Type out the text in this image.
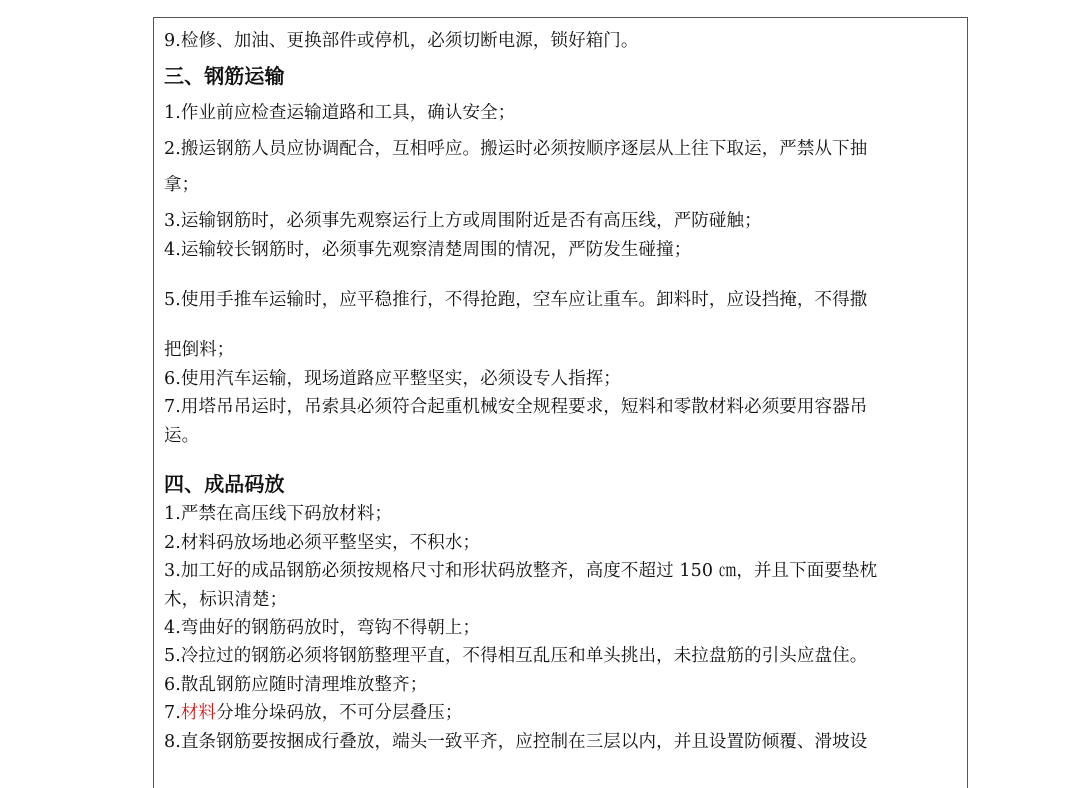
9.检修、加油、更换部件或停机，必须切断电源，锁好箱门。
三、钢筋运输
1.作业前应检查运输道路和工具，确认安全；
2.搬运钢筋人员应协调配合，互相呼应。搬运时必须按顺序逐层从上往下取运，严禁从下抽
拿；
3.运输钢筋时，必须事先观察运行上方或周围附近是否有高压线，严防碰触；
4.运输较长钢筋时，必须事先观察清楚周围的情况，严防发生碰撞；
5.使用手推车运输时，应平稳推行，不得抢跑，空车应让重车。卸料时，应设挡掩，不得撒
把倒料；
6.使用汽车运输，现场道路应平整坚实，必须设专人指挥；
7.用塔吊吊运时，吊索具必须符合起重机械安全规程要求，短料和零散材料必须要用容器吊
运。
四、成品码放
1.严禁在高压线下码放材料；
2.材料码放场地必须平整坚实，不积水；
3.加工好的成品钢筋必须按规格尺寸和形状码放整齐，高度不超过 150 ㎝，并且下面要垫枕
木，标识清楚；
4.弯曲好的钢筋码放时，弯钩不得朝上；
5.冷拉过的钢筋必须将钢筋整理平直，不得相互乱压和单头挑出，未拉盘筋的引头应盘住。
6.散乱钢筋应随时清理堆放整齐；
7.材料分堆分垛码放，不可分层叠压；
8.直条钢筋要按捆成行叠放，端头一致平齐，应控制在三层以内，并且设置防倾覆、滑坡设
